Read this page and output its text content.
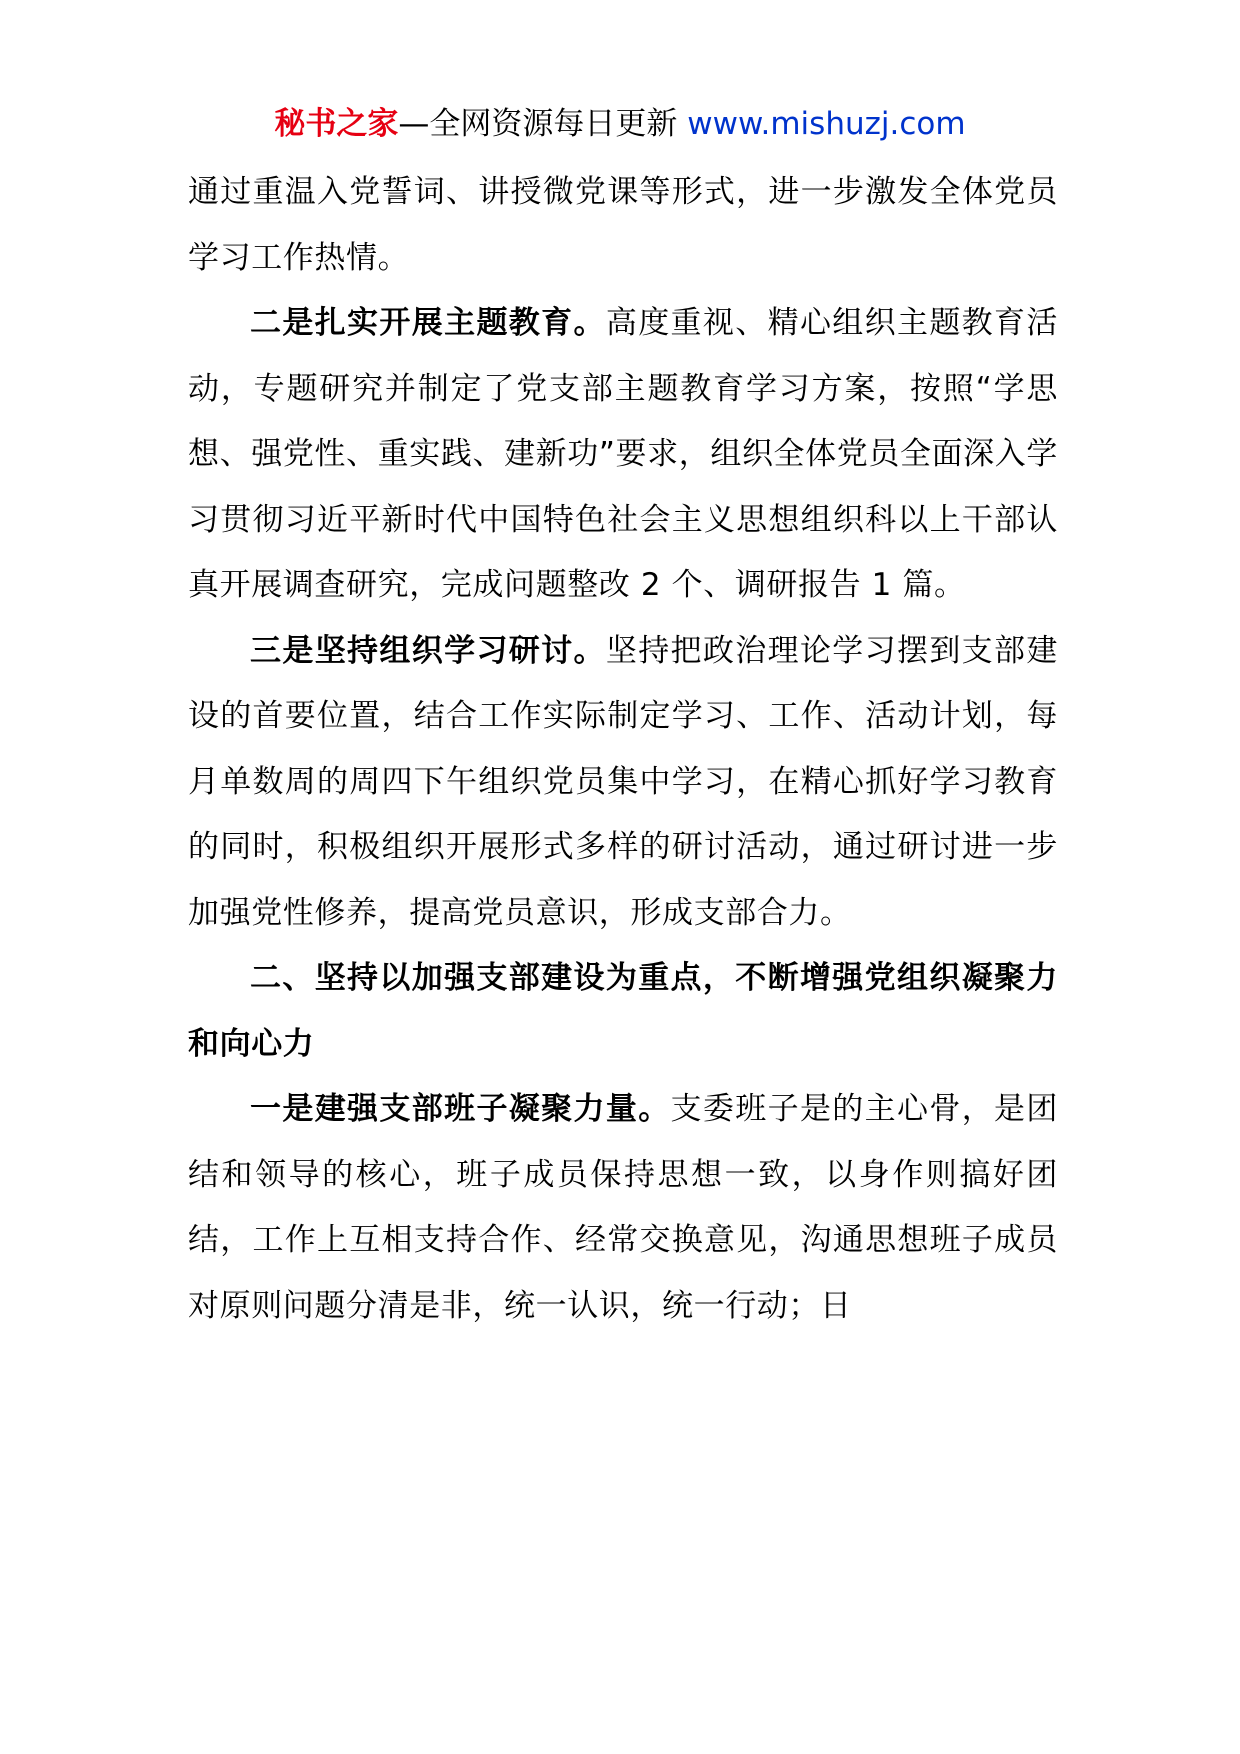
秘书之家—全网资源每日更新 www.mishuzj.com

通过重温入党誓词、讲授微党课等形式，进一步激发全体党员学习工作热情。

二是扎实开展主题教育。高度重视、精心组织主题教育活动，专题研究并制定了党支部主题教育学习方案，按照“学思想、强党性、重实践、建新功”要求，组织全体党员全面深入学习贯彻习近平新时代中国特色社会主义思想组织科以上干部认真开展调查研究，完成问题整改 2 个、调研报告 1 篇。

三是坚持组织学习研讨。坚持把政治理论学习摆到支部建设的首要位置，结合工作实际制定学习、工作、活动计划，每月单数周的周四下午组织党员集中学习，在精心抓好学习教育的同时，积极组织开展形式多样的研讨活动，通过研讨进一步加强党性修养，提高党员意识，形成支部合力。

二、坚持以加强支部建设为重点，不断增强党组织凝聚力和向心力

一是建强支部班子凝聚力量。支委班子是的主心骨，是团结和领导的核心，班子成员保持思想一致，以身作则搞好团结，工作上互相支持合作、经常交换意见，沟通思想班子成员对原则问题分清是非，统一认识，统一行动；日
